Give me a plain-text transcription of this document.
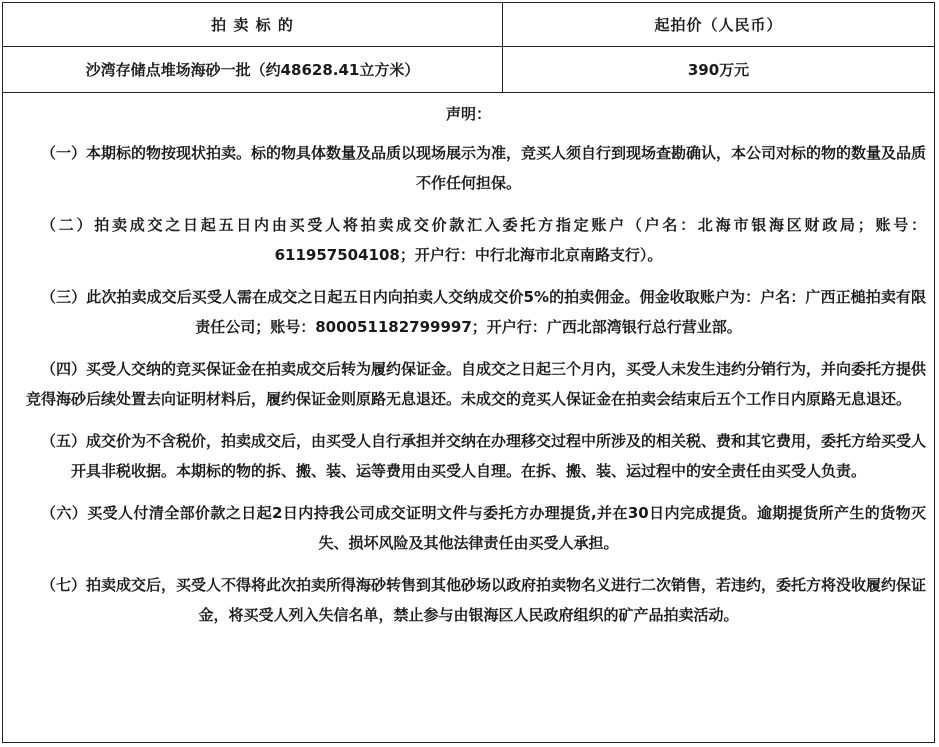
拍 卖 标 的	起拍价（人民币）
沙湾存储点堆场海砂一批（约48628.41立方米）	390万元
声明：
（一）本期标的物按现状拍卖。标的物具体数量及品质以现场展示为准，竞买人须自行到现场查勘确认，本公司对标的物的数量及品质不作任何担保。
（二）拍卖成交之日起五日内由买受人将拍卖成交价款汇入委托方指定账户（户名：北海市银海区财政局；账号：611957504108；开户行：中行北海市北京南路支行）。
（三）此次拍卖成交后买受人需在成交之日起五日内向拍卖人交纳成交价5%的拍卖佣金。佣金收取账户为：户名：广西正槌拍卖有限责任公司；账号：800051182799997；开户行：广西北部湾银行总行营业部。
（四）买受人交纳的竞买保证金在拍卖成交后转为履约保证金。自成交之日起三个月内，买受人未发生违约分销行为，并向委托方提供竞得海砂后续处置去向证明材料后，履约保证金则原路无息退还。未成交的竞买人保证金在拍卖会结束后五个工作日内原路无息退还。
（五）成交价为不含税价，拍卖成交后，由买受人自行承担并交纳在办理移交过程中所涉及的相关税、费和其它费用，委托方给买受人开具非税收据。本期标的物的拆、搬、装、运等费用由买受人自理。在拆、搬、装、运过程中的安全责任由买受人负责。
（六）买受人付清全部价款之日起2日内持我公司成交证明文件与委托方办理提货,并在30日内完成提货。逾期提货所产生的货物灭失、损坏风险及其他法律责任由买受人承担。
（七）拍卖成交后，买受人不得将此次拍卖所得海砂转售到其他砂场以政府拍卖物名义进行二次销售，若违约，委托方将没收履约保证金，将买受人列入失信名单，禁止参与由银海区人民政府组织的矿产品拍卖活动。
